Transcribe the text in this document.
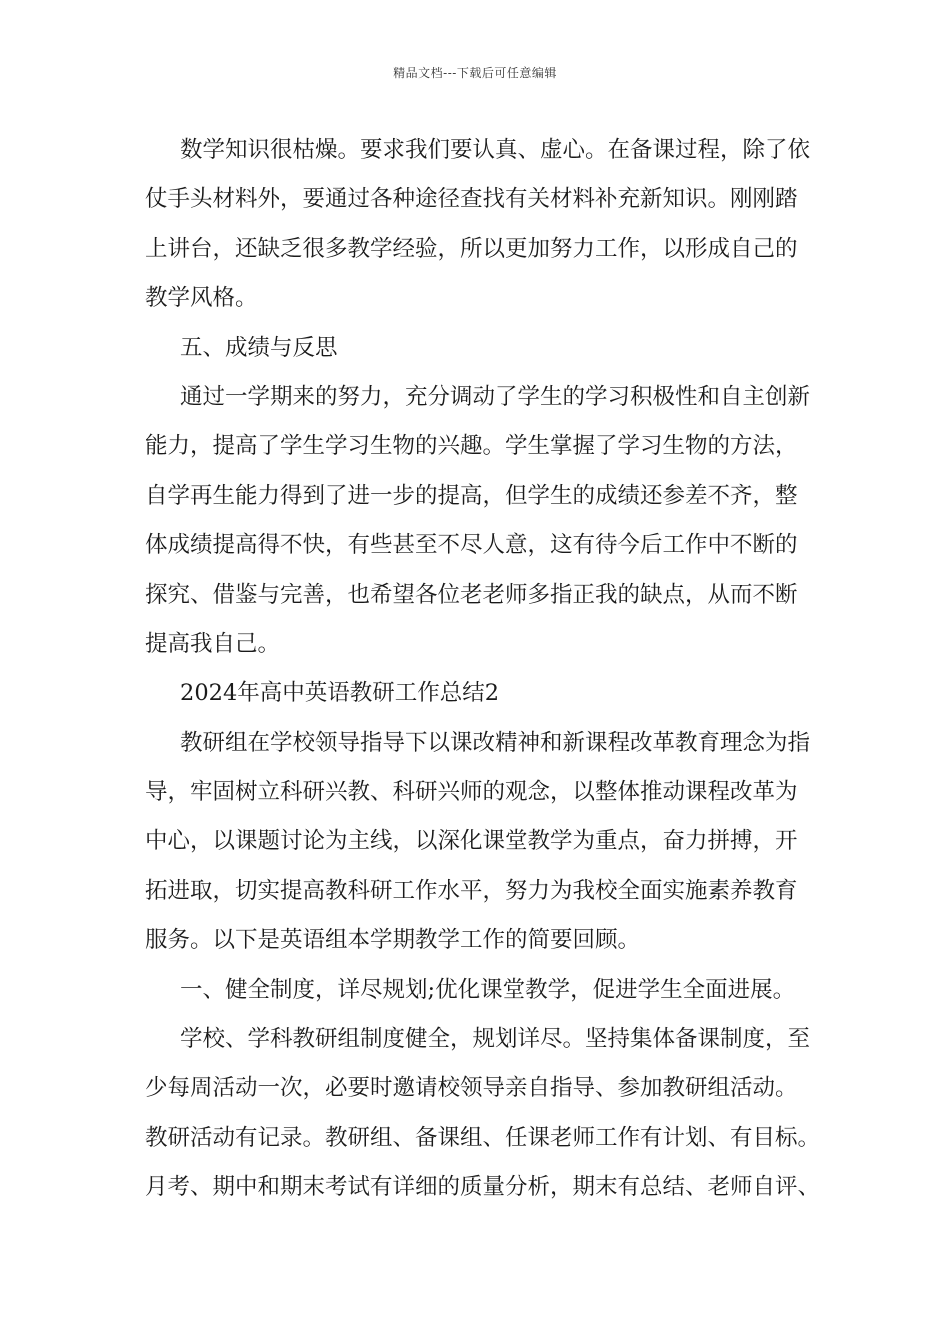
精品文档---下载后可任意编辑
数学知识很枯燥。要求我们要认真、虚心。在备课过程，除了依
仗手头材料外，要通过各种途径查找有关材料补充新知识。刚刚踏
上讲台，还缺乏很多教学经验，所以更加努力工作，以形成自己的
教学风格。
五、成绩与反思
通过一学期来的努力，充分调动了学生的学习积极性和自主创新
能力，提高了学生学习生物的兴趣。学生掌握了学习生物的方法，
自学再生能力得到了进一步的提高，但学生的成绩还参差不齐，整
体成绩提高得不快，有些甚至不尽人意，这有待今后工作中不断的
探究、借鉴与完善，也希望各位老老师多指正我的缺点，从而不断
提高我自己。
2024年高中英语教研工作总结2
教研组在学校领导指导下以课改精神和新课程改革教育理念为指
导，牢固树立科研兴教、科研兴师的观念，以整体推动课程改革为
中心，以课题讨论为主线，以深化课堂教学为重点，奋力拼搏，开
拓进取，切实提高教科研工作水平，努力为我校全面实施素养教育
服务。以下是英语组本学期教学工作的简要回顾。
一、健全制度，详尽规划;优化课堂教学，促进学生全面进展。
学校、学科教研组制度健全，规划详尽。坚持集体备课制度，至
少每周活动一次，必要时邀请校领导亲自指导、参加教研组活动。
教研活动有记录。教研组、备课组、任课老师工作有计划、有目标。
月考、期中和期末考试有详细的质量分析，期末有总结、老师自评、
